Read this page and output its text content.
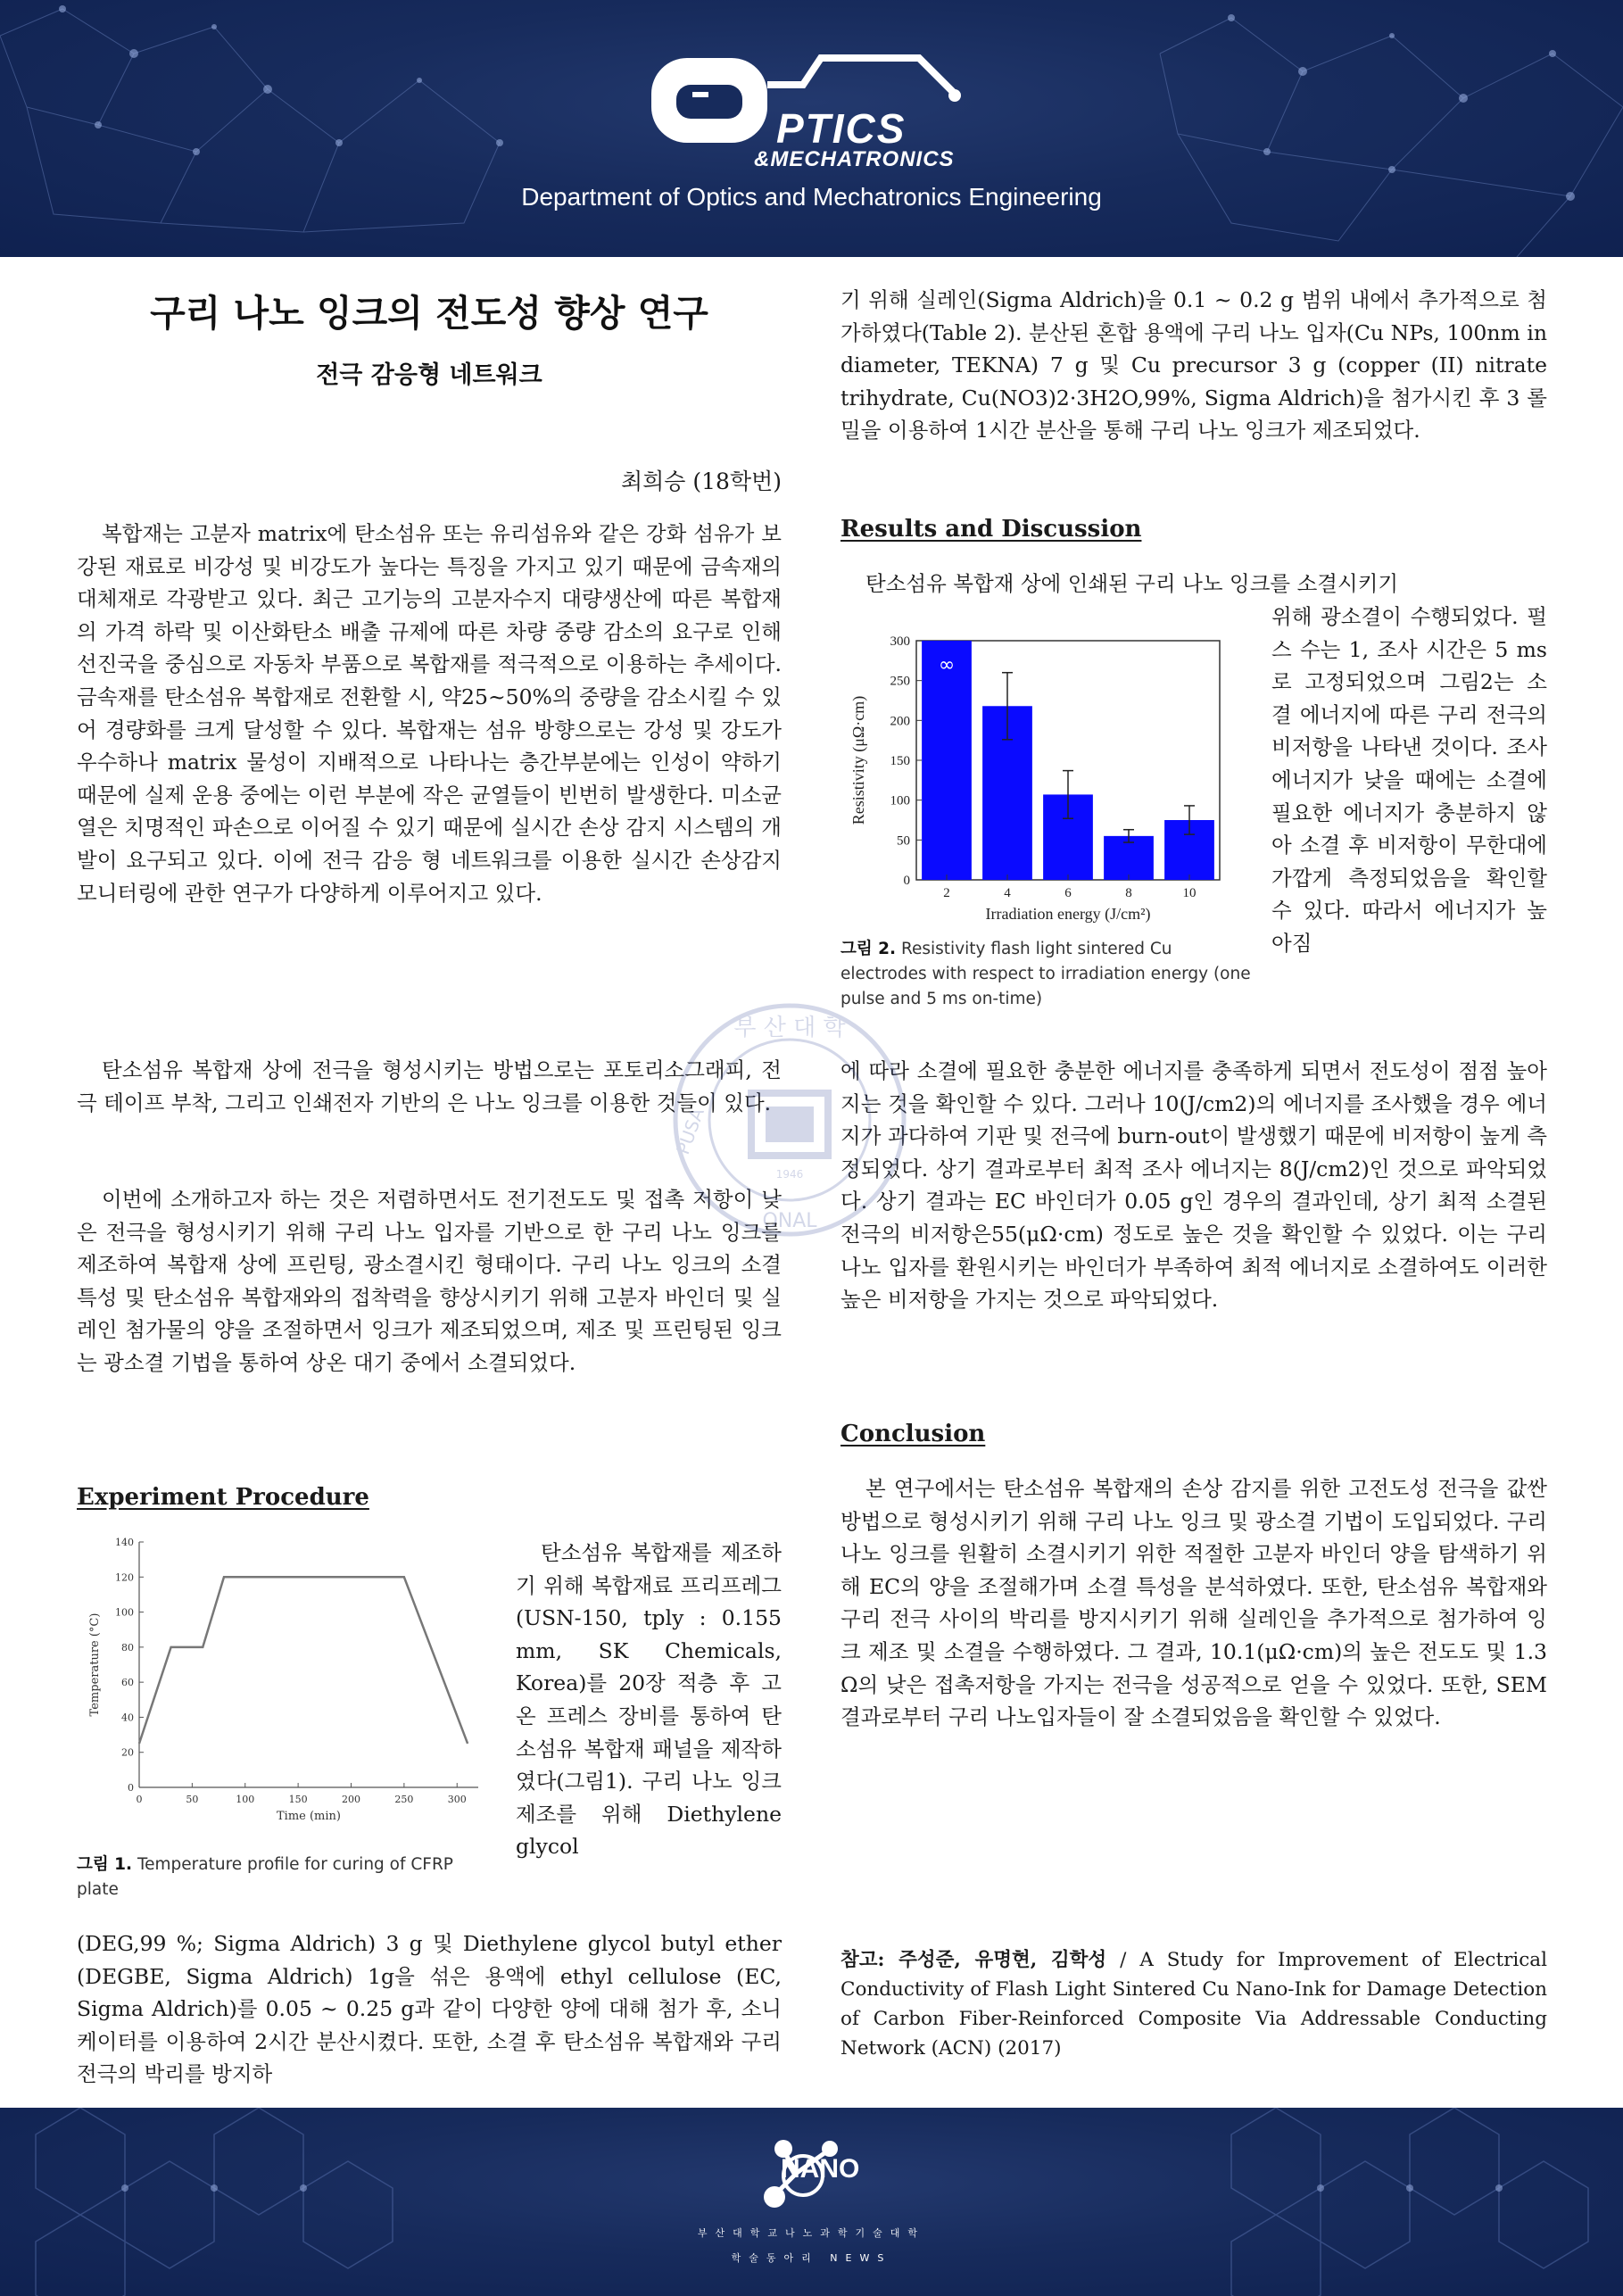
PTICS
&MECHATRONICS
Department of Optics and Mechatronics Engineering
구리 나노 잉크의 전도성 향상 연구
전극 감응형 네트워크
최희승 (18학번)
복합재는 고분자 matrix에 탄소섬유 또는 유리섬유와 같은 강화 섬유가 보강된 재료로 비강성 및 비강도가 높다는 특징을 가지고 있기 때문에 금속재의 대체재로 각광받고 있다. 최근 고기능의 고분자수지 대량생산에 따른 복합재의 가격 하락 및 이산화탄소 배출 규제에 따른 차량 중량 감소의 요구로 인해 선진국을 중심으로 자동차 부품으로 복합재를 적극적으로 이용하는 추세이다. 금속재를 탄소섬유 복합재로 전환할 시, 약25~50%의 중량을 감소시킬 수 있어 경량화를 크게 달성할 수 있다. 복합재는 섬유 방향으로는 강성 및 강도가 우수하나 matrix 물성이 지배적으로 나타나는 층간부분에는 인성이 약하기 때문에 실제 운용 중에는 이런 부분에 작은 균열들이 빈번히 발생한다. 미소균열은 치명적인 파손으로 이어질 수 있기 때문에 실시간 손상 감지 시스템의 개발이 요구되고 있다. 이에 전극 감응 형 네트워크를 이용한 실시간 손상감지 모니터링에 관한 연구가 다양하게 이루어지고 있다.
탄소섬유 복합재 상에 전극을 형성시키는 방법으로는 포토리소그래피, 전극 테이프 부착, 그리고 인쇄전자 기반의 은 나노 잉크를 이용한 것들이 있다.
이번에 소개하고자 하는 것은 저렴하면서도 전기전도도 및 접촉 저항이 낮은 전극을 형성시키기 위해 구리 나노 입자를 기반으로 한 구리 나노 잉크를 제조하여 복합재 상에 프린팅, 광소결시킨 형태이다. 구리 나노 잉크의 소결 특성 및 탄소섬유 복합재와의 접착력을 향상시키기 위해 고분자 바인더 및 실레인 첨가물의 양을 조절하면서 잉크가 제조되었으며, 제조 및 프린팅된 잉크는 광소결 기법을 통하여 상온 대기 중에서 소결되었다.
Experiment Procedure
0
20
40
60
80
100
120
140
0	50	100	150	200	250	300
Time (min)
Temperature (°C)
그림 1. Temperature profile for curing of CFRP plate
탄소섬유 복합재를 제조하기 위해 복합재료 프리프레그 (USN-150, tply : 0.155 mm, SK Chemicals, Korea)를 20장 적층 후 고온 프레스 장비를 통하여 탄소섬유 복합재 패널을 제작하였다(그림1). 구리 나노 잉크 제조를 위해 Diethylene glycol
(DEG,99 %; Sigma Aldrich) 3 g 및 Diethylene glycol butyl ether (DEGBE, Sigma Aldrich) 1g을 섞은 용액에 ethyl cellulose (EC, Sigma Aldrich)를 0.05 ~ 0.25 g과 같이 다양한 양에 대해 첨가 후, 소니케이터를 이용하여 2시간 분산시켰다. 또한, 소결 후 탄소섬유 복합재와 구리 전극의 박리를 방지하
기 위해 실레인(Sigma Aldrich)을 0.1 ~ 0.2 g 범위 내에서 추가적으로 첨가하였다(Table 2). 분산된 혼합 용액에 구리 나노 입자(Cu NPs, 100nm in diameter, TEKNA) 7 g 및 Cu precursor 3 g (copper (II) nitrate trihydrate, Cu(NO3)2·3H2O,99%, Sigma Aldrich)을 첨가시킨 후 3 롤밀을 이용하여 1시간 분산을 통해 구리 나노 잉크가 제조되었다.
Results and Discussion
탄소섬유 복합재 상에 인쇄된 구리 나노 잉크를 소결시키기
0
50
100
150
200
250
300
2	4	6	8	10
∞
Irradiation energy (J/cm²)
Resistivity (μΩ·cm)
그림 2. Resistivity flash light sintered Cu electrodes with respect to irradiation energy (one pulse and 5 ms on-time)
위해 광소결이 수행되었다. 펄스 수는 1, 조사 시간은 5 ms로 고정되었으며 그림2는 소결 에너지에 따른 구리 전극의 비저항을 나타낸 것이다. 조사 에너지가 낮을 때에는 소결에 필요한 에너지가 충분하지 않아 소결 후 비저항이 무한대에 가깝게 측정되었음을 확인할 수 있다. 따라서 에너지가 높아짐
에 따라 소결에 필요한 충분한 에너지를 충족하게 되면서 전도성이 점점 높아지는 것을 확인할 수 있다. 그러나 10(J/cm2)의 에너지를 조사했을 경우 에너지가 과다하여 기판 및 전극에 burn-out이 발생했기 때문에 비저항이 높게 측정되었다. 상기 결과로부터 최적 조사 에너지는 8(J/cm2)인 것으로 파악되었다. 상기 결과는 EC 바인더가 0.05 g인 경우의 결과인데, 상기 최적 소결된 전극의 비저항은55(μΩ·cm) 정도로 높은 것을 확인할 수 있었다. 이는 구리 나노 입자를 환원시키는 바인더가 부족하여 최적 에너지로 소결하여도 이러한 높은 비저항을 가지는 것으로 파악되었다.
Conclusion
본 연구에서는 탄소섬유 복합재의 손상 감지를 위한 고전도성 전극을 값싼 방법으로 형성시키기 위해 구리 나노 잉크 및 광소결 기법이 도입되었다. 구리 나노 잉크를 원활히 소결시키기 위한 적절한 고분자 바인더 양을 탐색하기 위해 EC의 양을 조절해가며 소결 특성을 분석하였다. 또한, 탄소섬유 복합재와 구리 전극 사이의 박리를 방지시키기 위해 실레인을 추가적으로 첨가하여 잉크 제조 및 소결을 수행하였다. 그 결과, 10.1(μΩ·cm)의 높은 전도도 및 1.3 Ω의 낮은 접촉저항을 가지는 전극을 성공적으로 얻을 수 있었다. 또한, SEM 결과로부터 구리 나노입자들이 잘 소결되었음을 확인할 수 있었다.
참고: 주성준, 유명현, 김학성 / A Study for Improvement of Electrical Conductivity of Flash Light Sintered Cu Nano-Ink for Damage Detection of Carbon Fiber-Reinforced Composite Via Addressable Conducting Network (ACN) (2017)
부 산 대 학
PUSA
ONAL
1946
NANO
부산대학교나노과학기술대학
학술동아리 NEWS
